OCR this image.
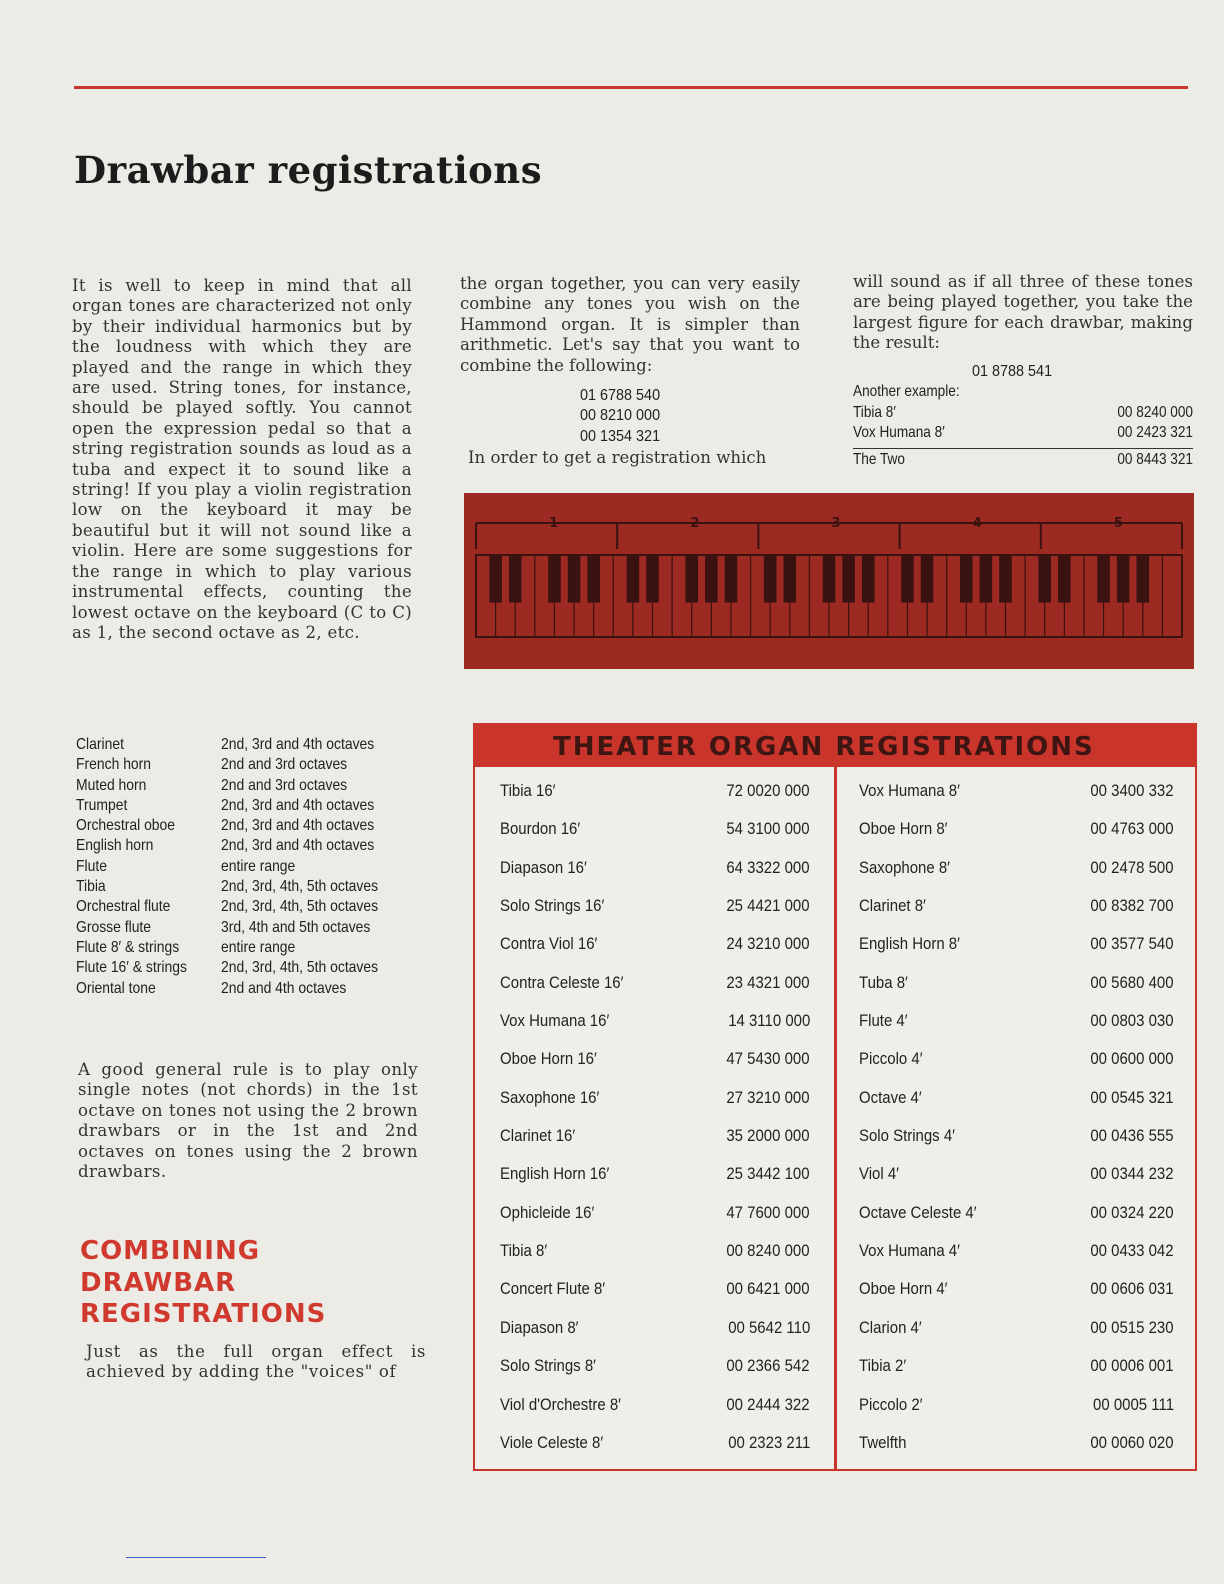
Drawbar registrations

It is well to keep in mind that all organ tones are characterized not only by their individual harmonics but by the loudness with which they are played and the range in which they are used. String tones, for instance, should be played softly. You cannot open the expression pedal so that a string registration sounds as loud as a tuba and expect it to sound like a string! If you play a violin registration low on the keyboard it may be beautiful but it will not sound like a violin. Here are some suggestions for the range in which to play various instrumental effects, counting the lowest octave on the keyboard (C to C) as 1, the second octave as 2, etc.

the organ together, you can very easily combine any tones you wish on the Hammond organ. It is simpler than arithmetic. Let's say that you want to combine the following:

01 6788 540
00 8210 000
00 1354 321
In order to get a registration which

will sound as if all three of these tones are being played together, you take the largest figure for each drawbar, making the result:

01 8788 541
Another example:
Tibia 8′	00 8240 000
Vox Humana 8′	00 2423 321
The Two	00 8443 321
1	2	3	4	5
Clarinet	2nd, 3rd and 4th octaves
French horn	2nd and 3rd octaves
Muted horn	2nd and 3rd octaves
Trumpet	2nd, 3rd and 4th octaves
Orchestral oboe	2nd, 3rd and 4th octaves
English horn	2nd, 3rd and 4th octaves
Flute	entire range
Tibia	2nd, 3rd, 4th, 5th octaves
Orchestral flute	2nd, 3rd, 4th, 5th octaves
Grosse flute	3rd, 4th and 5th octaves
Flute 8′ & strings	entire range
Flute 16′ & strings 2nd, 3rd, 4th, 5th octaves
Oriental tone	2nd and 4th octaves

A good general rule is to play only single notes (not chords) in the 1st octave on tones not using the 2 brown drawbars or in the 1st and 2nd octaves on tones using the 2 brown drawbars.

COMBINING
DRAWBAR
REGISTRATIONS

Just as the full organ effect is achieved by adding the "voices" of

THEATER ORGAN REGISTRATIONS
Tibia 16′	72 0020 000
Bourdon 16′	54 3100 000
Diapason 16′	64 3322 000
Solo Strings 16′	25 4421 000
Contra Viol 16′	24 3210 000
Contra Celeste 16′	23 4321 000
Vox Humana 16′	14 3110 000
Oboe Horn 16′	47 5430 000
Saxophone 16′	27 3210 000
Clarinet 16′	35 2000 000
English Horn 16′	25 3442 100
Ophicleide 16′	47 7600 000
Tibia 8′	00 8240 000
Concert Flute 8′	00 6421 000
Diapason 8′	00 5642 110
Solo Strings 8′	00 2366 542
Viol d'Orchestre 8′	00 2444 322
Viole Celeste 8′	00 2323 211
Vox Humana 8′	00 3400 332
Oboe Horn 8′	00 4763 000
Saxophone 8′	00 2478 500
Clarinet 8′	00 8382 700
English Horn 8′	00 3577 540
Tuba 8′	00 5680 400
Flute 4′	00 0803 030
Piccolo 4′	00 0600 000
Octave 4′	00 0545 321
Solo Strings 4′	00 0436 555
Viol 4′	00 0344 232
Octave Celeste 4′	00 0324 220
Vox Humana 4′	00 0433 042
Oboe Horn 4′	00 0606 031
Clarion 4′	00 0515 230
Tibia 2′	00 0006 001
Piccolo 2′	00 0005 111
Twelfth	00 0060 020
